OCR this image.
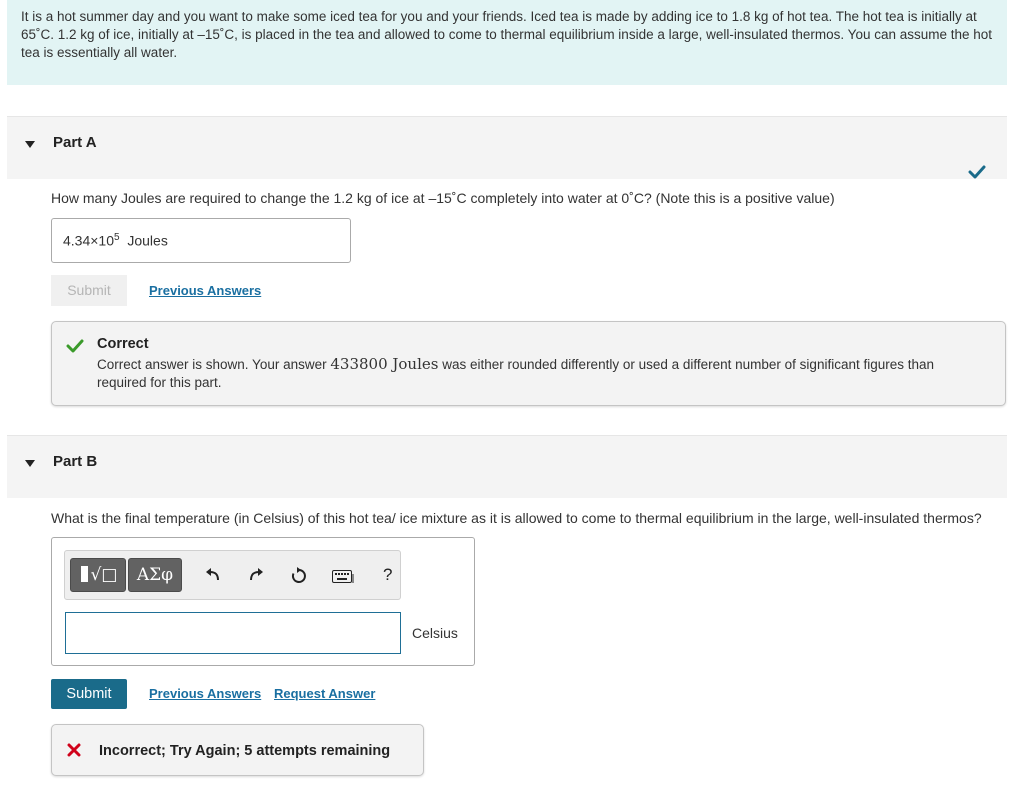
It is a hot summer day and you want to make some iced tea for you and your friends. Iced tea is made by adding ice to 1.8 kg of hot tea. The hot tea is initially at 65˚C. 1.2 kg of ice, initially at –15˚C, is placed in the tea and allowed to come to thermal equilibrium inside a large, well-insulated thermos. You can assume the hot tea is essentially all water.
Part A
How many Joules are required to change the 1.2 kg of ice at –15˚C completely into water at 0˚C? (Note this is a positive value)
$4.34\times 10^5$ Joules
Submit	Previous Answers
Correct
Correct answer is shown. Your answer 433800 Joules was either rounded differently or used a different number of significant figures than required for this part.
Part B
What is the final temperature (in Celsius) of this hot tea/ ice mixture as it is allowed to come to thermal equilibrium in the large, well-insulated thermos?
√□	ΑΣφ	?
Celsius
Submit	Previous Answers Request Answer
Incorrect; Try Again; 5 attempts remaining
